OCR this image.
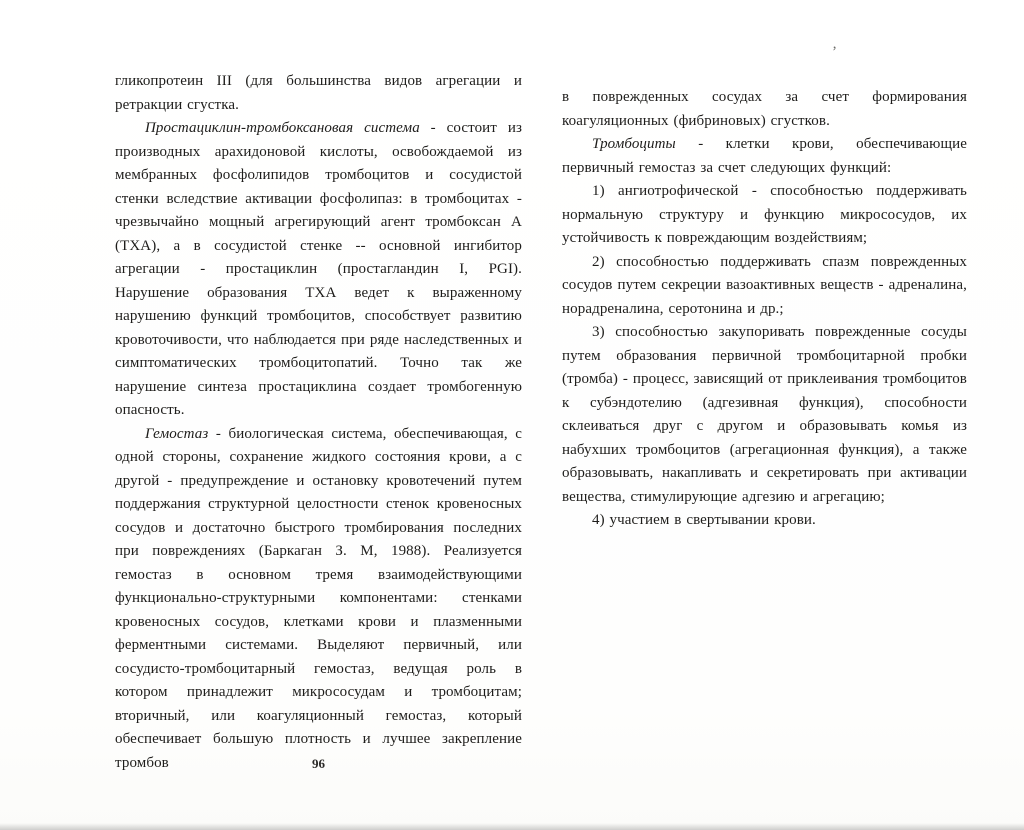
’

гликопротеин III (для большинства видов агрегации и ретракции сгустка.

Простациклин-тромбоксановая система - состоит из производных арахидоновой кислоты, освобождаемой из мембранных фосфолипидов тромбоцитов и сосудистой стенки вследствие активации фосфолипаз: в тромбоцитах - чрезвычайно мощный агрегирующий агент тромбоксан А (ТХА), а в сосудистой стенке -- основной ингибитор агрегации - простациклин (простагландин I, PGI). Нарушение образования ТХА ведет к выраженному нарушению функций тромбоцитов, способствует развитию кровоточивости, что наблюдается при ряде наследственных и симптоматических тромбоцитопатий. Точно так же нарушение синтеза простациклина создает тромбогенную опасность.

Гемостаз - биологическая система, обеспечивающая, с одной стороны, сохранение жидкого состояния крови, а с другой - предупреждение и остановку кровотечений путем поддержания структурной целостности стенок кровеносных сосудов и достаточно быстрого тромбирования последних при повреждениях (Баркаган З. М, 1988). Реализуется гемостаз в основном тремя взаимодействующими функционально-структурными компонентами: стенками кровеносных сосудов, клетками крови и плазменными ферментными системами. Выделяют первичный, или сосудисто-тромбоцитарный гемостаз, ведущая роль в котором принадлежит микрососудам и тромбоцитам; вторичный, или коагуляционный гемостаз, который обеспечивает большую плотность и лучшее закрепление тромбов	96

в поврежденных сосудах за счет формирования коагуляционных (фибриновых) сгустков.

Тромбоциты - клетки крови, обеспечивающие первичный гемостаз за счет следующих функций:

1) ангиотрофической - способностью поддерживать нормальную структуру и функцию микрососудов, их устойчивость к повреждающим воздействиям;

2) способностью поддерживать спазм поврежденных сосудов путем секреции вазоактивных веществ - адреналина, норадреналина, серотонина и др.;

3) способностью закупоривать поврежденные сосуды путем образования первичной тромбоцитарной пробки (тромба) - процесс, зависящий от приклеивания тромбоцитов к субэндотелию (адгезивная функция), способности склеиваться друг с другом и образовывать комья из набухших тромбоцитов (агрегационная функция), а также образовывать, накапливать и секретировать при активации вещества, стимулирующие адгезию и агрегацию;

4) участием в свертывании крови.
